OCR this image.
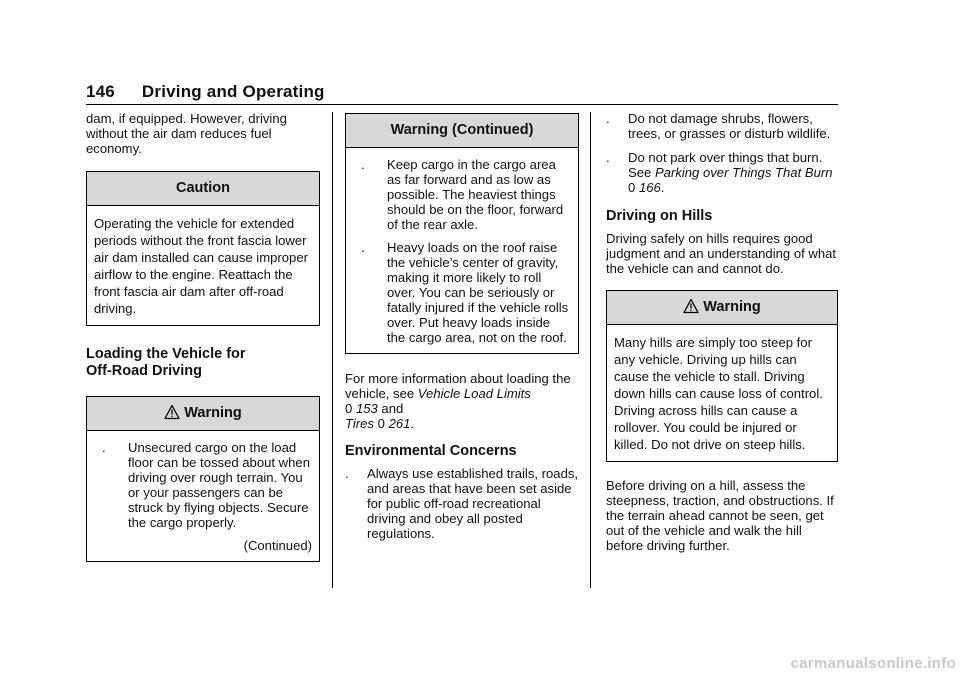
146 Driving and Operating

dam, if equipped. However, driving without the air dam reduces fuel economy.

Caution
Operating the vehicle for extended periods without the front fascia lower air dam installed can cause improper airflow to the engine. Reattach the front fascia air dam after off-road driving.
Loading the Vehicle for
Off-Road Driving
Warning
. Unsecured cargo on the load floor can be tossed about when driving over rough terrain. You or your passengers can be struck by flying objects. Secure the cargo properly.
(Continued)
Warning (Continued)
. Keep cargo in the cargo area as far forward and as low as possible. The heaviest things should be on the floor, forward of the rear axle.
. Heavy loads on the roof raise the vehicle’s center of gravity, making it more likely to roll over. You can be seriously or fatally injured if the vehicle rolls over. Put heavy loads inside the cargo area, not on the roof.

For more information about loading the vehicle, see Vehicle Load Limits
0 153 and
Tires 0 261.

Environmental Concerns
. Always use established trails, roads, and areas that have been set aside for public off-road recreational driving and obey all posted regulations.
. Do not damage shrubs, flowers, trees, or grasses or disturb wildlife.
. Do not park over things that burn. See Parking over Things That Burn
0 166.
Driving on Hills

Driving safely on hills requires good judgment and an understanding of what the vehicle can and cannot do.

Warning
Many hills are simply too steep for any vehicle. Driving up hills can cause the vehicle to stall. Driving down hills can cause loss of control. Driving across hills can cause a rollover. You could be injured or killed. Do not drive on steep hills.

Before driving on a hill, assess the steepness, traction, and obstructions. If the terrain ahead cannot be seen, get out of the vehicle and walk the hill before driving further.

carmanualsonline.info
